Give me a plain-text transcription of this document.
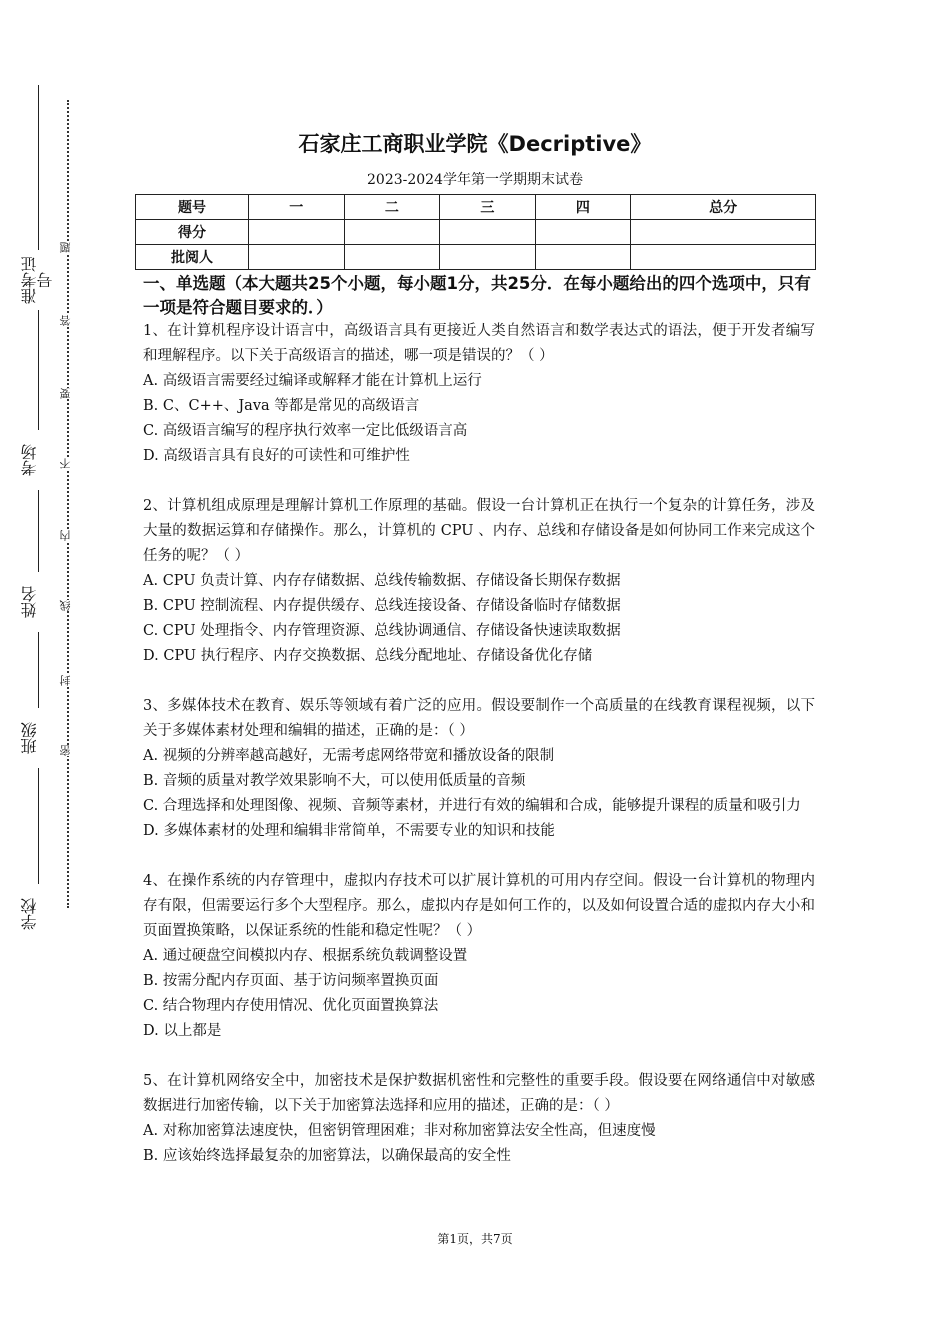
准考证号
考场
姓名
班级
学校
题
答
要
不
内
线
封
密
石家庄工商职业学院《Decriptive》
2023-2024学年第一学期期末试卷
题号	一	二	三	四	总分
得分					
批阅人					
一、单选题（本大题共25个小题，每小题1分，共25分．在每小题给出的四个选项中，只有一项是符合题目要求的．）

1、在计算机程序设计语言中，高级语言具有更接近人类自然语言和数学表达式的语法，便于开发者编写和理解程序。以下关于高级语言的描述，哪一项是错误的？（ ）

A. 高级语言需要经过编译或解释才能在计算机上运行

B. C、C++、Java 等都是常见的高级语言

C. 高级语言编写的程序执行效率一定比低级语言高

D. 高级语言具有良好的可读性和可维护性

2、计算机组成原理是理解计算机工作原理的基础。假设一台计算机正在执行一个复杂的计算任务，涉及大量的数据运算和存储操作。那么，计算机的 CPU 、内存、总线和存储设备是如何协同工作来完成这个任务的呢？（ ）

A. CPU 负责计算、内存存储数据、总线传输数据、存储设备长期保存数据

B. CPU 控制流程、内存提供缓存、总线连接设备、存储设备临时存储数据

C. CPU 处理指令、内存管理资源、总线协调通信、存储设备快速读取数据

D. CPU 执行程序、内存交换数据、总线分配地址、存储设备优化存储

3、多媒体技术在教育、娱乐等领域有着广泛的应用。假设要制作一个高质量的在线教育课程视频，以下关于多媒体素材处理和编辑的描述，正确的是：（ ）

A. 视频的分辨率越高越好，无需考虑网络带宽和播放设备的限制

B. 音频的质量对教学效果影响不大，可以使用低质量的音频

C. 合理选择和处理图像、视频、音频等素材，并进行有效的编辑和合成，能够提升课程的质量和吸引力

D. 多媒体素材的处理和编辑非常简单，不需要专业的知识和技能

4、在操作系统的内存管理中，虚拟内存技术可以扩展计算机的可用内存空间。假设一台计算机的物理内存有限，但需要运行多个大型程序。那么，虚拟内存是如何工作的，以及如何设置合适的虚拟内存大小和页面置换策略，以保证系统的性能和稳定性呢？（ ）

A. 通过硬盘空间模拟内存、根据系统负载调整设置

B. 按需分配内存页面、基于访问频率置换页面

C. 结合物理内存使用情况、优化页面置换算法

D. 以上都是

5、在计算机网络安全中，加密技术是保护数据机密性和完整性的重要手段。假设要在网络通信中对敏感数据进行加密传输，以下关于加密算法选择和应用的描述，正确的是：（ ）

A. 对称加密算法速度快，但密钥管理困难；非对称加密算法安全性高，但速度慢

B. 应该始终选择最复杂的加密算法，以确保最高的安全性

第1页，共7页
